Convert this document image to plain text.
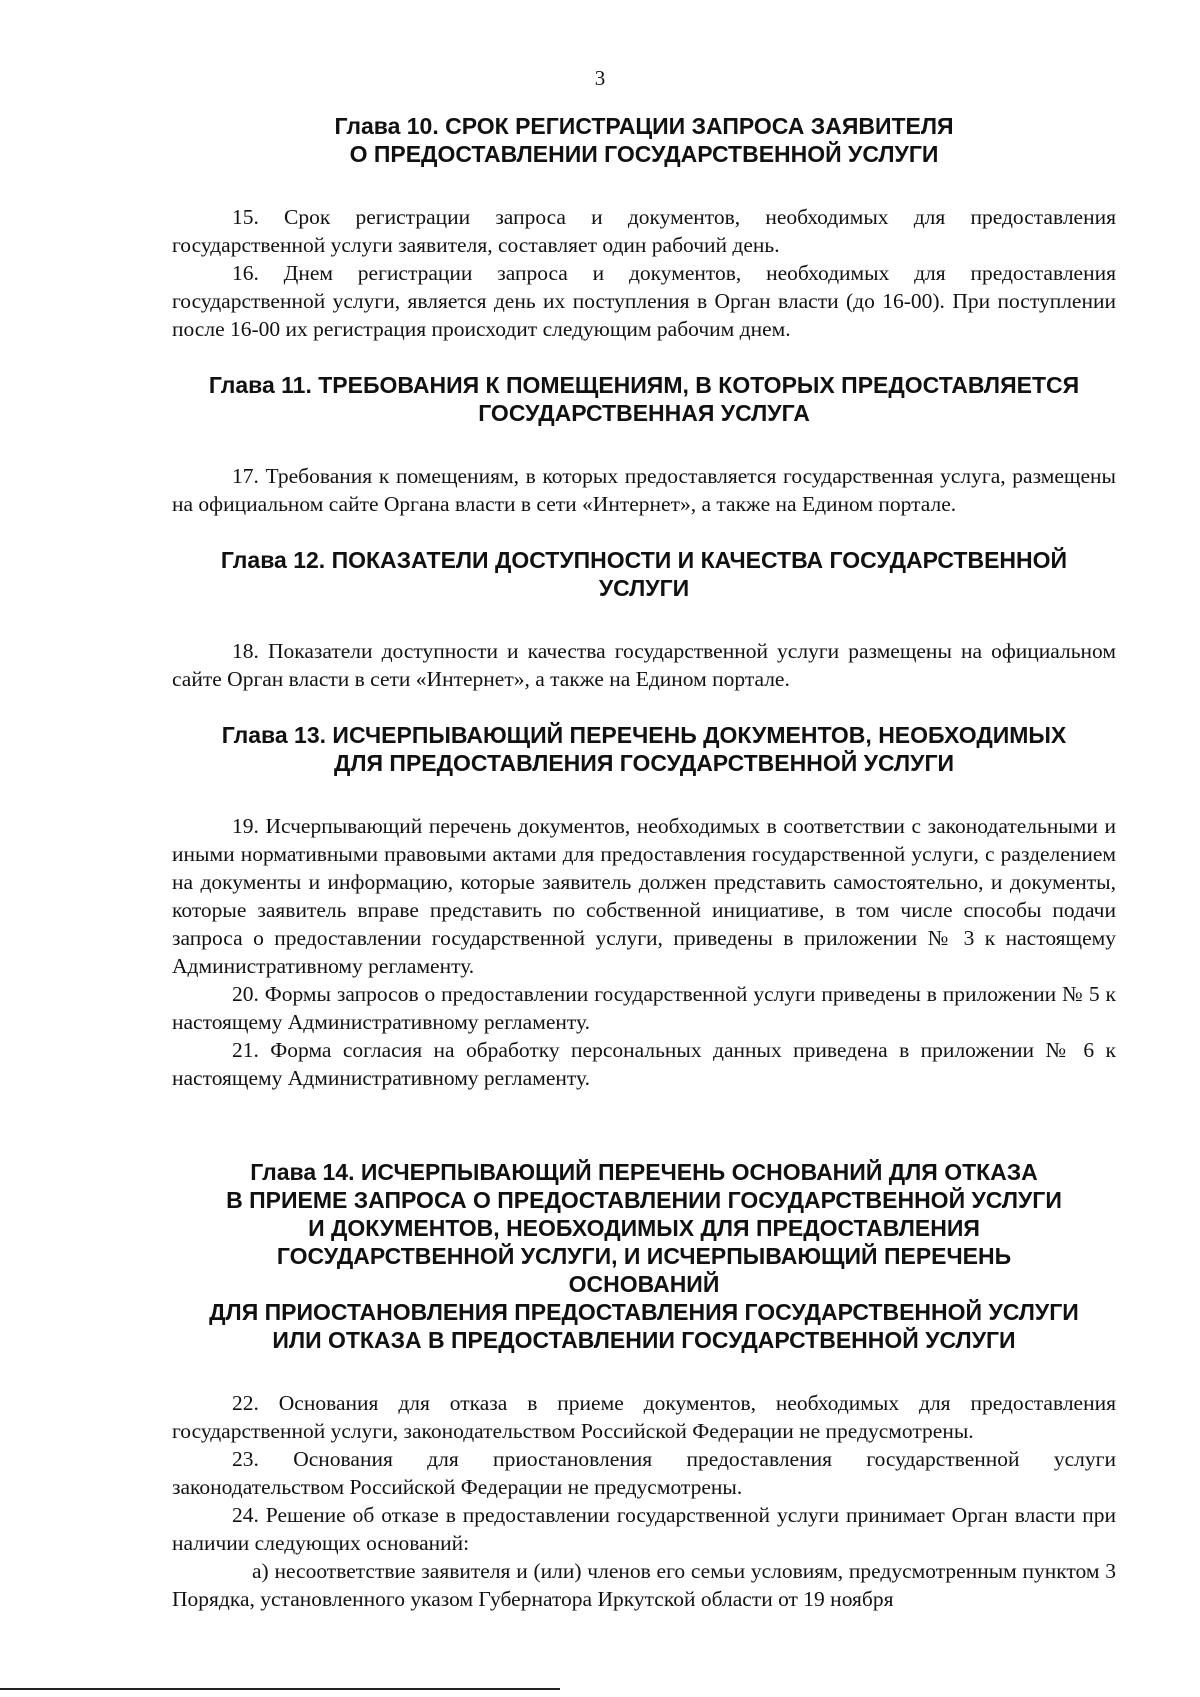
3
Глава 10. СРОК РЕГИСТРАЦИИ ЗАПРОСА ЗАЯВИТЕЛЯ
О ПРЕДОСТАВЛЕНИИ ГОСУДАРСТВЕННОЙ УСЛУГИ

15. Срок регистрации запроса и документов, необходимых для предоставления государственной услуги заявителя, составляет один рабочий день.

16. Днем регистрации запроса и документов, необходимых для предоставления государственной услуги, является день их поступления в Орган власти (до 16-00). При поступлении после 16-00 их регистрация происходит следующим рабочим днем.

Глава 11. ТРЕБОВАНИЯ К ПОМЕЩЕНИЯМ, В КОТОРЫХ ПРЕДОСТАВЛЯЕТСЯ
ГОСУДАРСТВЕННАЯ УСЛУГА

17. Требования к помещениям, в которых предоставляется государственная услуга, размещены на официальном сайте Органа власти в сети «Интернет», а также на Едином портале.

Глава 12. ПОКАЗАТЕЛИ ДОСТУПНОСТИ И КАЧЕСТВА ГОСУДАРСТВЕННОЙ
УСЛУГИ

18. Показатели доступности и качества государственной услуги размещены на официальном сайте Орган власти в сети «Интернет», а также на Едином портале.

Глава 13. ИСЧЕРПЫВАЮЩИЙ ПЕРЕЧЕНЬ ДОКУМЕНТОВ, НЕОБХОДИМЫХ
ДЛЯ ПРЕДОСТАВЛЕНИЯ ГОСУДАРСТВЕННОЙ УСЛУГИ

19. Исчерпывающий перечень документов, необходимых в соответствии с законодательными и иными нормативными правовыми актами для предоставления государственной услуги, с разделением на документы и информацию, которые заявитель должен представить самостоятельно, и документы, которые заявитель вправе представить по собственной инициативе, в том числе способы подачи запроса о предоставлении государственной услуги, приведены в приложении № 3 к настоящему Административному регламенту.

20. Формы запросов о предоставлении государственной услуги приведены в приложении № 5 к настоящему Административному регламенту.

21. Форма согласия на обработку персональных данных приведена в приложении № 6 к настоящему Административному регламенту.

Глава 14. ИСЧЕРПЫВАЮЩИЙ ПЕРЕЧЕНЬ ОСНОВАНИЙ ДЛЯ ОТКАЗА
В ПРИЕМЕ ЗАПРОСА О ПРЕДОСТАВЛЕНИИ ГОСУДАРСТВЕННОЙ УСЛУГИ
И ДОКУМЕНТОВ, НЕОБХОДИМЫХ ДЛЯ ПРЕДОСТАВЛЕНИЯ
ГОСУДАРСТВЕННОЙ УСЛУГИ, И ИСЧЕРПЫВАЮЩИЙ ПЕРЕЧЕНЬ
ОСНОВАНИЙ
ДЛЯ ПРИОСТАНОВЛЕНИЯ ПРЕДОСТАВЛЕНИЯ ГОСУДАРСТВЕННОЙ УСЛУГИ
ИЛИ ОТКАЗА В ПРЕДОСТАВЛЕНИИ ГОСУДАРСТВЕННОЙ УСЛУГИ

22. Основания для отказа в приеме документов, необходимых для предоставления государственной услуги, законодательством Российской Федерации не предусмотрены.

23. Основания для приостановления предоставления государственной услуги законодательством Российской Федерации не предусмотрены.

24. Решение об отказе в предоставлении государственной услуги принимает Орган власти при наличии следующих оснований:

а) несоответствие заявителя и (или) членов его семьи условиям, предусмотренным пунктом 3 Порядка, установленного указом Губернатора Иркутской области от 19 ноября
